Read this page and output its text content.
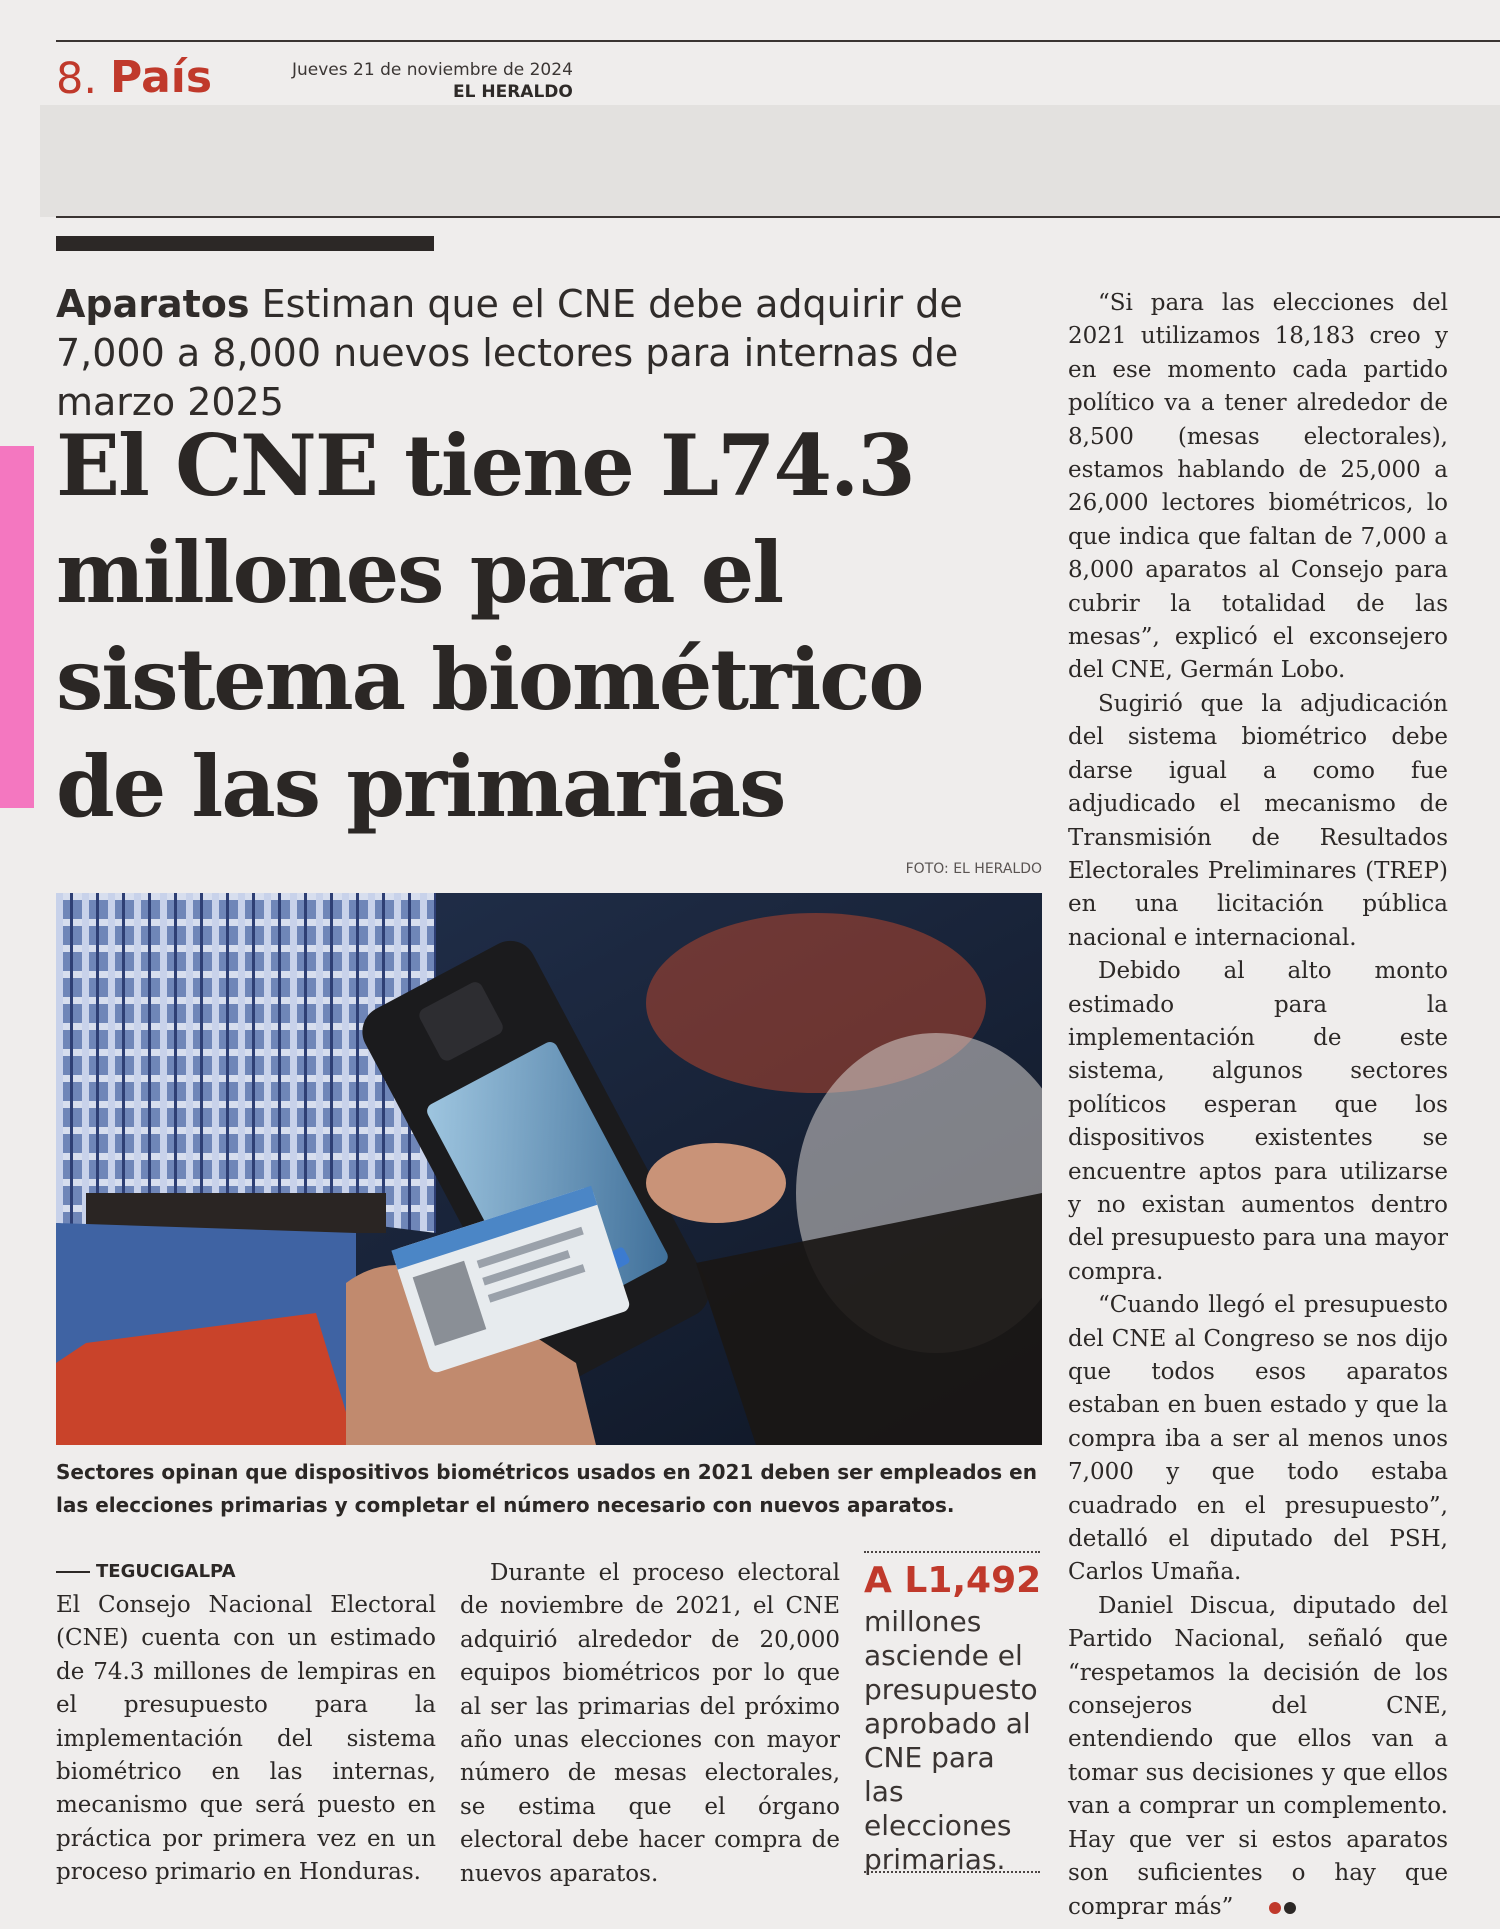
8. País	Jueves 21 de noviembre de 2024
EL HERALDO
Aparatos Estiman que el CNE debe adquirir de 7,000 a 8,000 nuevos lectores para internas de marzo 2025
El CNE tiene L74.3 millones para el sistema biométrico de las primarias
FOTO: EL HERALDO
Sectores opinan que dispositivos biométricos usados en 2021 deben ser empleados en las elecciones primarias y completar el número necesario con nuevos aparatos.
TEGUCIGALPA

El Consejo Nacional Electoral (CNE) cuenta con un estimado de 74.3 millones de lempiras en el presupuesto para la implementación del sistema biométrico en las internas, mecanismo que será puesto en práctica por primera vez en un proceso primario en Honduras.

Durante el proceso electoral de noviembre de 2021, el CNE adquirió alrededor de 20,000 equipos biométricos por lo que al ser las primarias del próximo año unas elecciones con mayor número de mesas electorales, se estima que el órgano electoral debe hacer compra de nuevos aparatos.

A L1,492
millones asciende el presupuesto aprobado al CNE para las elecciones primarias.

“Si para las elecciones del 2021 utilizamos 18,183 creo y en ese momento cada partido político va a tener alrededor de 8,500 (mesas electorales), estamos hablando de 25,000 a 26,000 lectores biométricos, lo que indica que faltan de 7,000 a 8,000 aparatos al Consejo para cubrir la totalidad de las mesas”, explicó el exconsejero del CNE, Germán Lobo.

Sugirió que la adjudicación del sistema biométrico debe darse igual a como fue adjudicado el mecanismo de Transmisión de Resultados Electorales Preliminares (TREP) en una licitación pública nacional e internacional.

Debido al alto monto estimado para la implementación de este sistema, algunos sectores políticos esperan que los dispositivos existentes se encuentre aptos para utilizarse y no existan aumentos dentro del presupuesto para una mayor compra.

“Cuando llegó el presupuesto del CNE al Congreso se nos dijo que todos esos aparatos estaban en buen estado y que la compra iba a ser al menos unos 7,000 y que todo estaba cuadrado en el presupuesto”, detalló el diputado del PSH, Carlos Umaña.

Daniel Discua, diputado del Partido Nacional, señaló que “respetamos la decisión de los consejeros del CNE, entendiendo que ellos van a tomar sus decisiones y que ellos van a comprar un complemento. Hay que ver si estos aparatos son suficientes o hay que comprar más”
